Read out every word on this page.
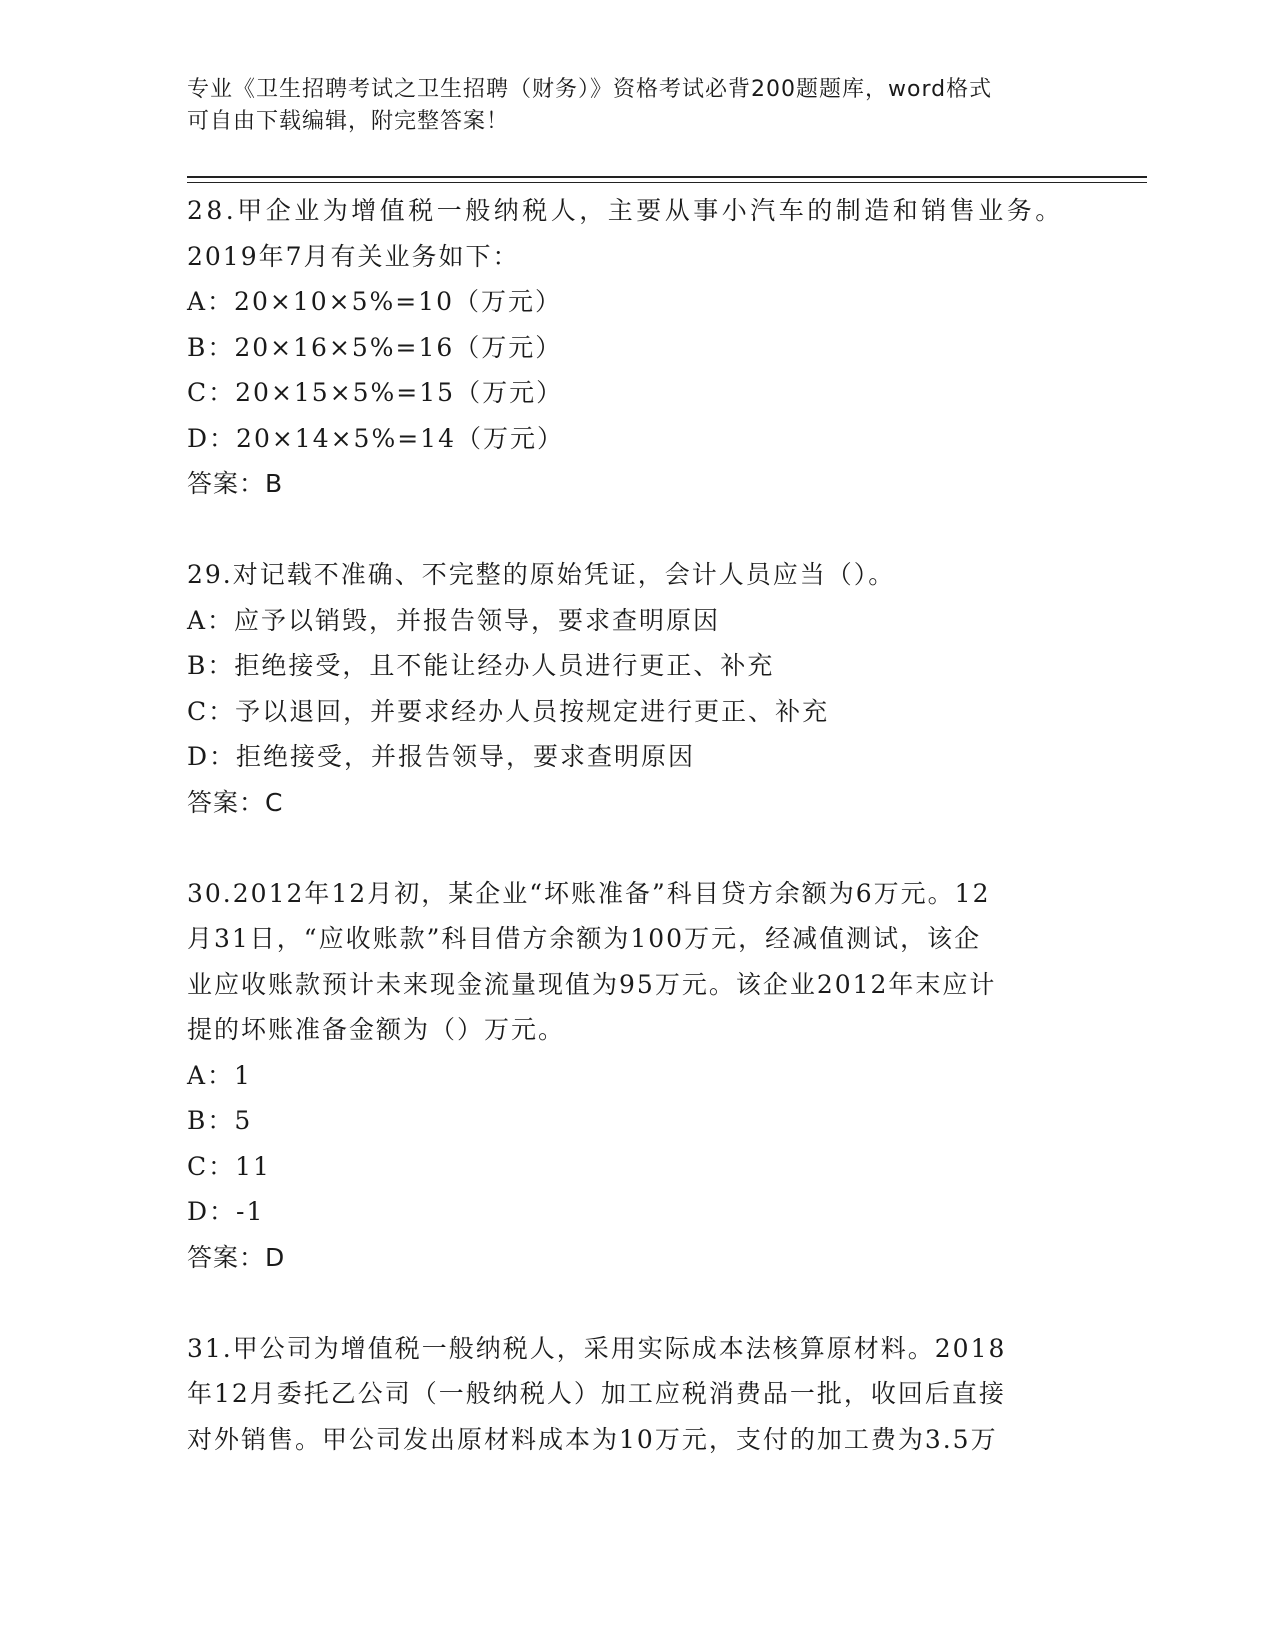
专业《卫生招聘考试之卫生招聘（财务）》资格考试必背200题题库，word格式
可自由下载编辑，附完整答案！
28.甲企业为增值税一般纳税人，主要从事小汽车的制造和销售业务。
2019年7月有关业务如下：
A：20×10×5%=10（万元）
B：20×16×5%=16（万元）
C：20×15×5%=15（万元）
D：20×14×5%=14（万元）
答案：B
29.对记载不准确、不完整的原始凭证，会计人员应当（）。
A：应予以销毁，并报告领导，要求查明原因
B：拒绝接受，且不能让经办人员进行更正、补充
C：予以退回，并要求经办人员按规定进行更正、补充
D：拒绝接受，并报告领导，要求查明原因
答案：C
30.2012年12月初，某企业“坏账准备”科目贷方余额为6万元。12
月31日，“应收账款”科目借方余额为100万元，经减值测试，该企
业应收账款预计未来现金流量现值为95万元。该企业2012年末应计
提的坏账准备金额为（）万元。
A：1
B：5
C：11
D：-1
答案：D
31.甲公司为增值税一般纳税人，采用实际成本法核算原材料。2018
年12月委托乙公司（一般纳税人）加工应税消费品一批，收回后直接
对外销售。甲公司发出原材料成本为10万元，支付的加工费为3.5万
